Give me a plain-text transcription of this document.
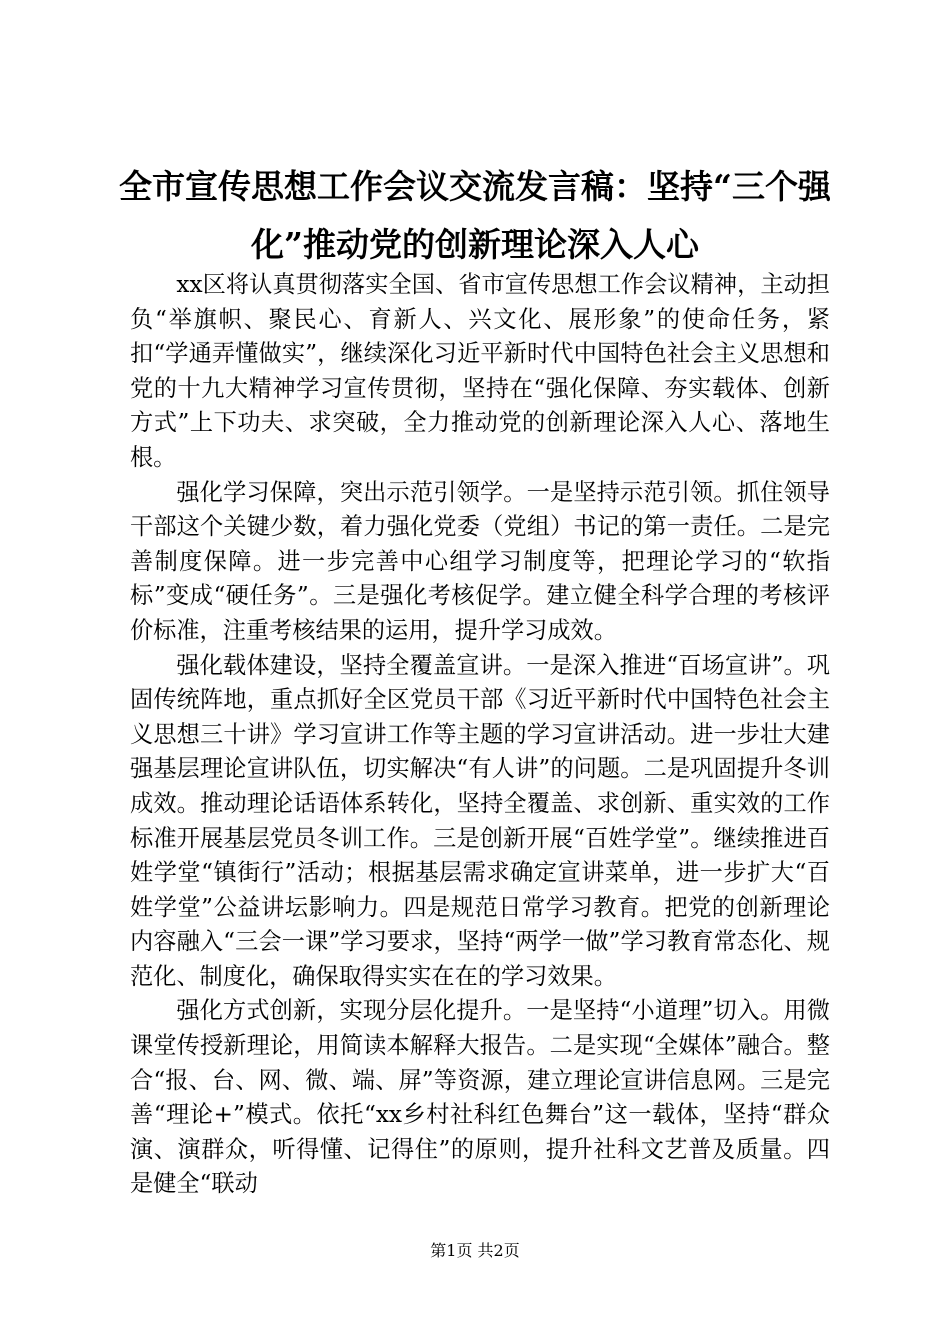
全市宣传思想工作会议交流发言稿：坚持“三个强化”推动党的创新理论深入人心

xx区将认真贯彻落实全国、省市宣传思想工作会议精神，主动担负“举旗帜、聚民心、育新人、兴文化、展形象”的使命任务，紧扣“学通弄懂做实”，继续深化习近平新时代中国特色社会主义思想和党的十九大精神学习宣传贯彻，坚持在“强化保障、夯实载体、创新方式”上下功夫、求突破，全力推动党的创新理论深入人心、落地生根。

强化学习保障，突出示范引领学。一是坚持示范引领。抓住领导干部这个关键少数，着力强化党委（党组）书记的第一责任。二是完善制度保障。进一步完善中心组学习制度等，把理论学习的“软指标”变成“硬任务”。三是强化考核促学。建立健全科学合理的考核评价标准，注重考核结果的运用，提升学习成效。

强化载体建设，坚持全覆盖宣讲。一是深入推进“百场宣讲”。巩固传统阵地，重点抓好全区党员干部《习近平新时代中国特色社会主义思想三十讲》学习宣讲工作等主题的学习宣讲活动。进一步壮大建强基层理论宣讲队伍，切实解决“有人讲”的问题。二是巩固提升冬训成效。推动理论话语体系转化，坚持全覆盖、求创新、重实效的工作标准开展基层党员冬训工作。三是创新开展“百姓学堂”。继续推进百姓学堂“镇街行”活动；根据基层需求确定宣讲菜单，进一步扩大“百姓学堂”公益讲坛影响力。四是规范日常学习教育。把党的创新理论内容融入“三会一课”学习要求，坚持“两学一做”学习教育常态化、规范化、制度化，确保取得实实在在的学习效果。

强化方式创新，实现分层化提升。一是坚持“小道理”切入。用微课堂传授新理论，用简读本解释大报告。二是实现“全媒体”融合。整合“报、台、网、微、端、屏”等资源，建立理论宣讲信息网。三是完善“理论+”模式。依托“xx乡村社科红色舞台”这一载体，坚持“群众演、演群众，听得懂、记得住”的原则，提升社科文艺普及质量。四是健全“联动

第1页 共2页
